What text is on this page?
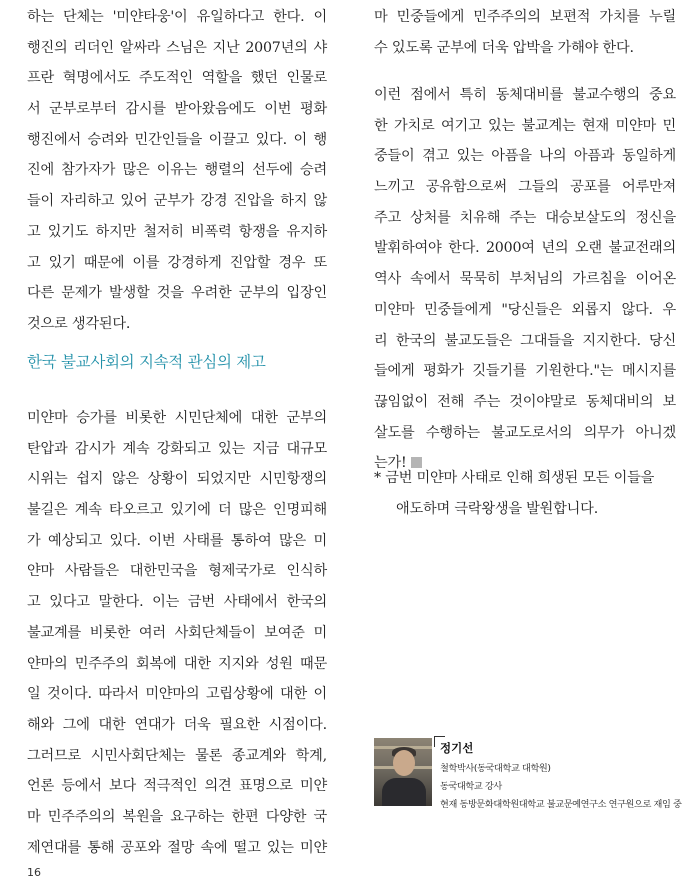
하는 단체는 '미얀타웅'이 유일하다고 한다. 이
행진의 리더인 알싸라 스님은 지난 2007년의 샤
프란 혁명에서도 주도적인 역할을 했던 인물로
서 군부로부터 감시를 받아왔음에도 이번 평화
행진에서 승려와 민간인들을 이끌고 있다. 이 행
진에 참가자가 많은 이유는 행렬의 선두에 승려
들이 자리하고 있어 군부가 강경 진압을 하지 않
고 있기도 하지만 철저히 비폭력 항쟁을 유지하
고 있기 때문에 이를 강경하게 진압할 경우 또
다른 문제가 발생할 것을 우려한 군부의 입장인
것으로 생각된다.
미얀마 승가를 비롯한 시민단체에 대한 군부의
탄압과 감시가 계속 강화되고 있는 지금 대규모
시위는 쉽지 않은 상황이 되었지만 시민항쟁의
불길은 계속 타오르고 있기에 더 많은 인명피해
가 예상되고 있다. 이번 사태를 통하여 많은 미
얀마 사람들은 대한민국을 형제국가로 인식하
고 있다고 말한다. 이는 금번 사태에서 한국의
불교계를 비롯한 여러 사회단체들이 보여준 미
얀마의 민주주의 회복에 대한 지지와 성원 때문
일 것이다. 따라서 미얀마의 고립상황에 대한 이
해와 그에 대한 연대가 더욱 필요한 시점이다.
그러므로 시민사회단체는 물론 종교계와 학계,
언론 등에서 보다 적극적인 의견 표명으로 미얀
마 민주주의의 복원을 요구하는 한편 다양한 국
제연대를 통해 공포와 절망 속에 떨고 있는 미얀
한국 불교사회의 지속적 관심의 제고
마 민중들에게 민주주의의 보편적 가치를 누릴
수 있도록 군부에 더욱 압박을 가해야 한다.
이런 점에서 특히 동체대비를 불교수행의 중요
한 가치로 여기고 있는 불교계는 현재 미얀마 민
중들이 겪고 있는 아픔을 나의 아픔과 동일하게
느끼고 공유함으로써 그들의 공포를 어루만져
주고 상처를 치유해 주는 대승보살도의 정신을
발휘하여야 한다. 2000여 년의 오랜 불교전래의
역사 속에서 묵묵히 부처님의 가르침을 이어온
미얀마 민중들에게 "당신들은 외롭지 않다. 우
리 한국의 불교도들은 그대들을 지지한다. 당신
들에게 평화가 깃들기를 기원한다."는 메시지를
끊임없이 전해 주는 것이야말로 동체대비의 보
살도를 수행하는 불교도로서의 의무가 아니겠
는가!
* 금번 미얀마 사태로 인해 희생된 모든 이들을
애도하며 극락왕생을 발원합니다.
정기선
철학박사(동국대학교 대학원)
동국대학교 강사
현재 동방문화대학원대학교 불교문예연구소 연구원으로 재임 중
16
